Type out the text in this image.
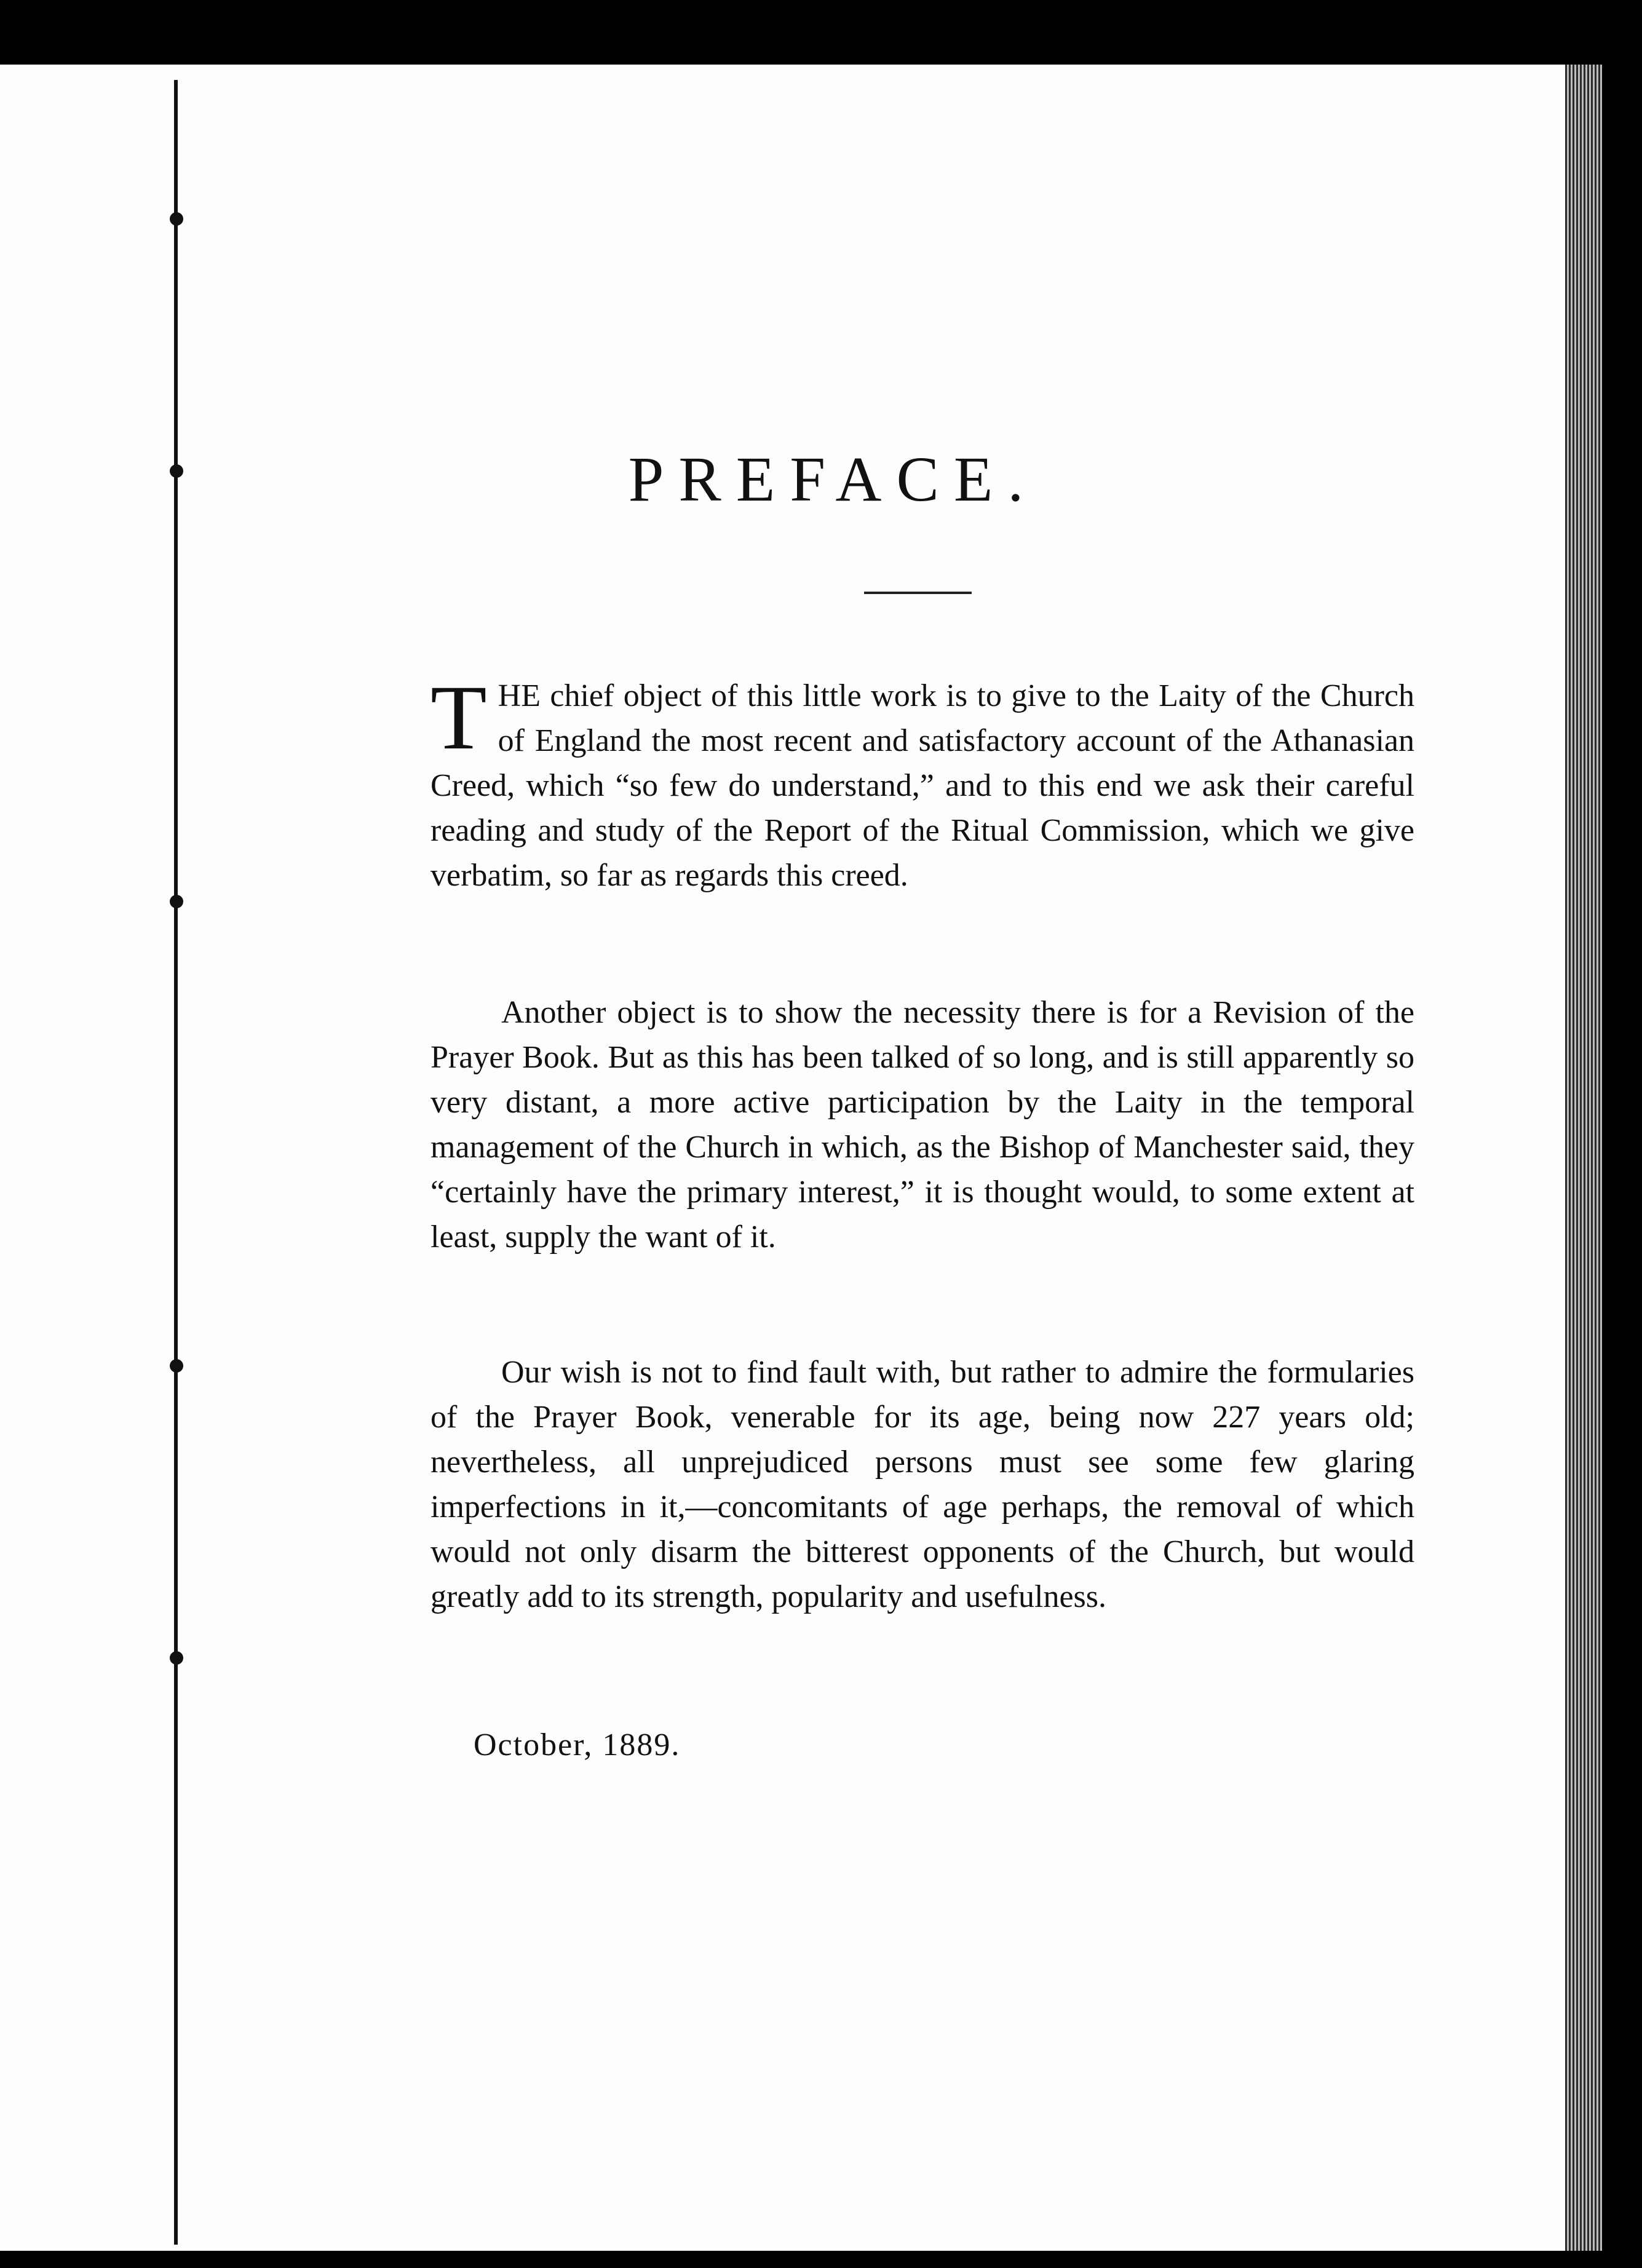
PREFACE.

THE chief object of this little work is to give to the Laity of the Church of England the most recent and satisfactory account of the Athanasian Creed, which “so few do understand,” and to this end we ask their careful reading and study of the Report of the Ritual Commission, which we give verbatim, so far as regards this creed.

Another object is to show the necessity there is for a Revision of the Prayer Book. But as this has been talked of so long, and is still apparently so very distant, a more active participation by the Laity in the temporal management of the Church in which, as the Bishop of Manchester said, they “certainly have the primary interest,” it is thought would, to some extent at least, supply the want of it.

Our wish is not to find fault with, but rather to admire the formularies of the Prayer Book, venerable for its age, being now 227 years old; nevertheless, all unprejudiced persons must see some few glaring imperfections in it,—concomitants of age perhaps, the removal of which would not only disarm the bitterest opponents of the Church, but would greatly add to its strength, popularity and usefulness.

October, 1889.
